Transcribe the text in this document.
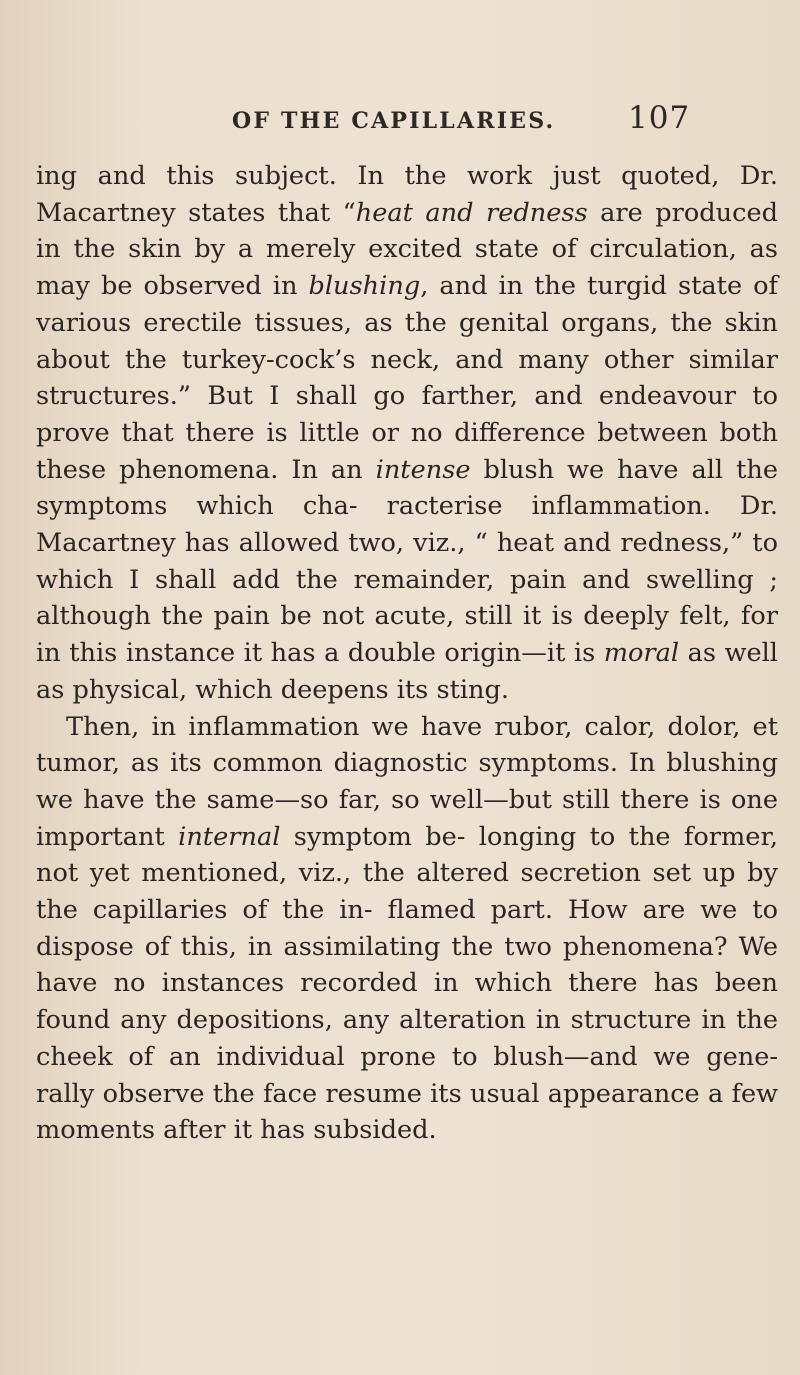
OF THE CAPILLARIES. 107

ing and this subject. In the work just quoted, Dr. Macartney states that “heat and redness are produced in the skin by a merely excited state of circulation, as may be observed in blushing, and in the turgid state of various erectile tissues, as the genital organs, the skin about the turkey-cock’s neck, and many other similar structures.” But I shall go farther, and endeavour to prove that there is little or no difference between both these phenomena. In an intense blush we have all the symptoms which cha- racterise inflammation. Dr. Macartney has allowed two, viz., “ heat and redness,” to which I shall add the remainder, pain and swelling ; although the pain be not acute, still it is deeply felt, for in this instance it has a double origin—it is moral as well as physical, which deepens its sting.

Then, in inflammation we have rubor, calor, dolor, et tumor, as its common diagnostic symptoms. In blushing we have the same—so far, so well—but still there is one important internal symptom be- longing to the former, not yet mentioned, viz., the altered secretion set up by the capillaries of the in- flamed part. How are we to dispose of this, in assimilating the two phenomena? We have no instances recorded in which there has been found any depositions, any alteration in structure in the cheek of an individual prone to blush—and we gene- rally observe the face resume its usual appearance a few moments after it has subsided.
